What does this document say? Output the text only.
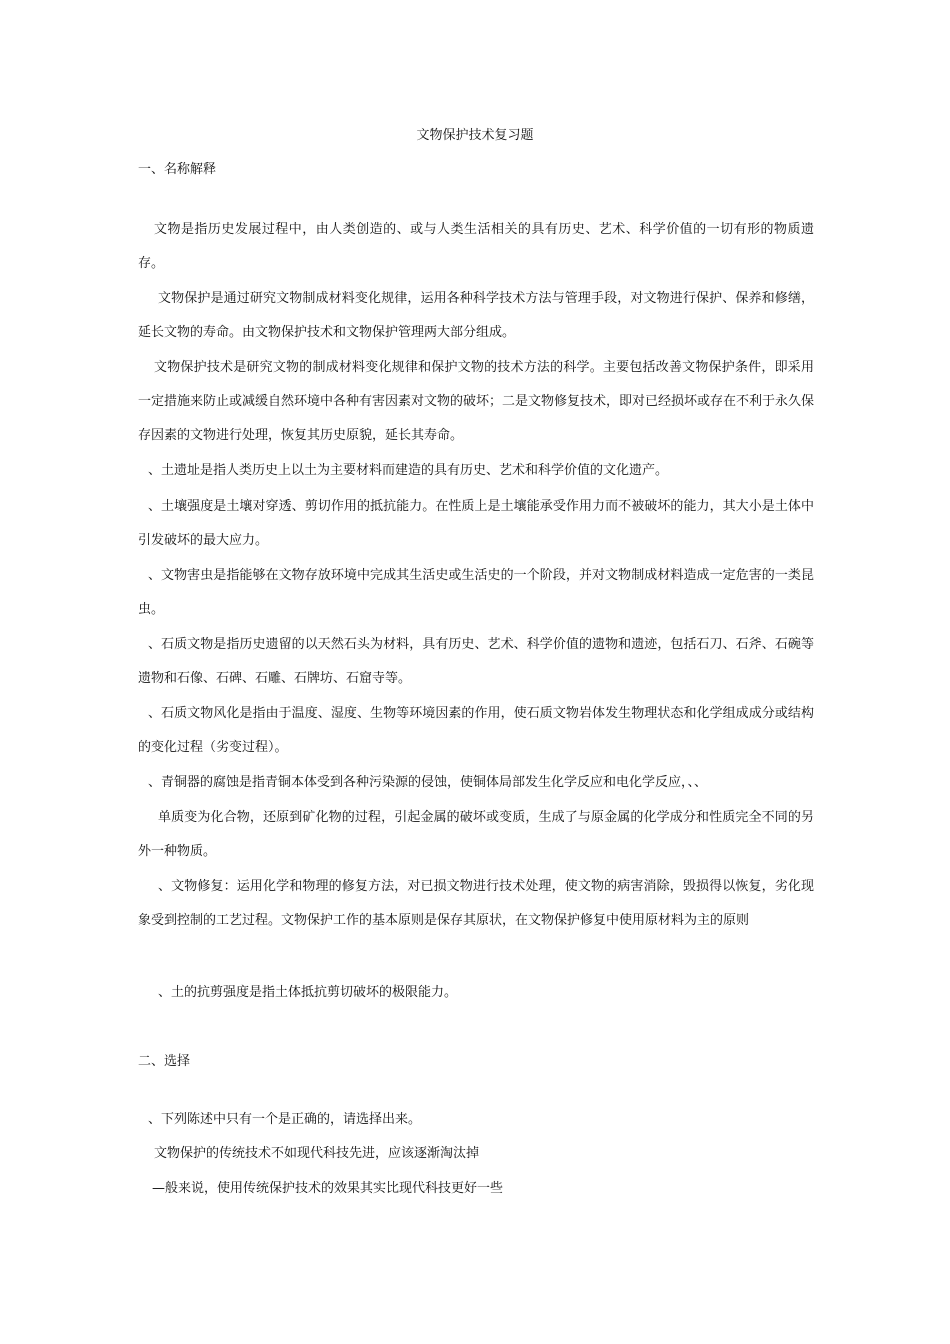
文物保护技术复习题
一、名称解释
文物是指历史发展过程中，由人类创造的、或与人类生活相关的具有历史、艺术、科学价值的一切有形的物质遗存。
文物保护是通过研究文物制成材料变化规律，运用各种科学技术方法与管理手段，对文物进行保护、保养和修缮，延长文物的寿命。由文物保护技术和文物保护管理两大部分组成。
文物保护技术是研究文物的制成材料变化规律和保护文物的技术方法的科学。主要包括改善文物保护条件，即采用一定措施来防止或减缓自然环境中各种有害因素对文物的破坏；二是文物修复技术，即对已经损坏或存在不利于永久保存因素的文物进行处理，恢复其历史原貌，延长其寿命。
、土遗址是指人类历史上以土为主要材料而建造的具有历史、艺术和科学价值的文化遗产。
、土壤强度是土壤对穿透、剪切作用的抵抗能力。在性质上是土壤能承受作用力而不被破坏的能力，其大小是土体中引发破坏的最大应力。
、文物害虫是指能够在文物存放环境中完成其生活史或生活史的一个阶段，并对文物制成材料造成一定危害的一类昆虫。
、石质文物是指历史遗留的以天然石头为材料，具有历史、艺术、科学价值的遗物和遗迹，包括石刀、石斧、石碗等遗物和石像、石碑、石雕、石牌坊、石窟寺等。
、石质文物风化是指由于温度、湿度、生物等环境因素的作用，使石质文物岩体发生物理状态和化学组成成分或结构的变化过程（劣变过程）。
、青铜器的腐蚀是指青铜本体受到各种污染源的侵蚀，使铜体局部发生化学反应和电化学反应，、、
单质变为化合物，还原到矿化物的过程，引起金属的破坏或变质，生成了与原金属的化学成分和性质完全不同的另外一种物质。
、文物修复：运用化学和物理的修复方法，对已损文物进行技术处理，使文物的病害消除，毁损得以恢复，劣化现象受到控制的工艺过程。文物保护工作的基本原则是保存其原状，在文物保护修复中使用原材料为主的原则
、土的抗剪强度是指土体抵抗剪切破坏的极限能力。
二、选择
、下列陈述中只有一个是正确的，请选择出来。
文物保护的传统技术不如现代科技先进，应该逐渐淘汰掉
—般来说，使用传统保护技术的效果其实比现代科技更好一些
